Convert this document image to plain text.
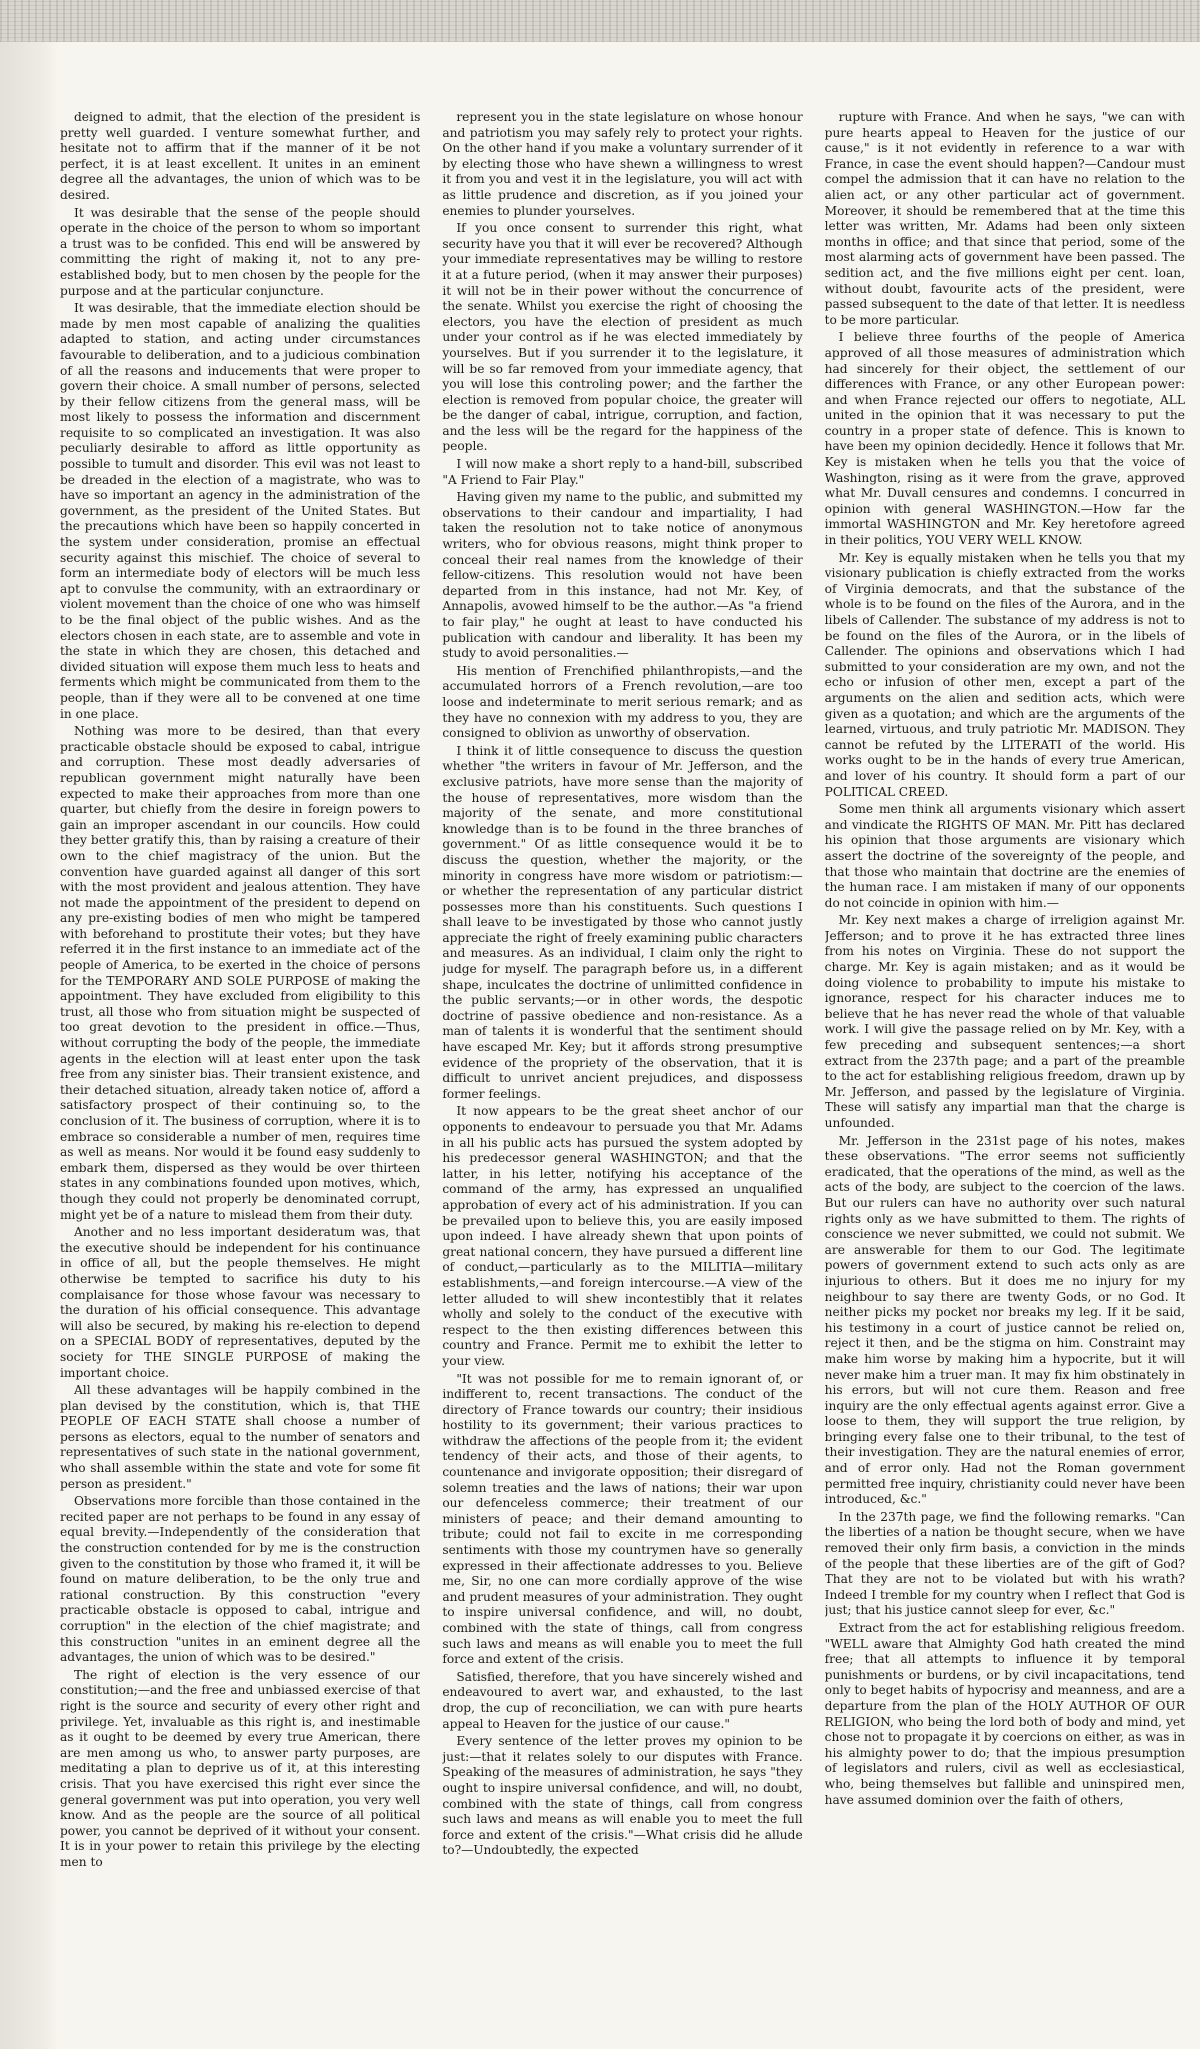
deigned to admit, that the election of the president is pretty well guarded. I venture somewhat further, and hesitate not to affirm that if the manner of it be not perfect, it is at least excellent. It unites in an eminent degree all the advantages, the union of which was to be desired.

It was desirable that the sense of the people should operate in the choice of the person to whom so important a trust was to be confided. This end will be answered by committing the right of making it, not to any pre-established body, but to men chosen by the people for the purpose and at the particular conjuncture.

It was desirable, that the immediate election should be made by men most capable of analizing the qualities adapted to station, and acting under circumstances favourable to deliberation, and to a judicious combination of all the reasons and inducements that were proper to govern their choice. A small number of persons, selected by their fellow citizens from the general mass, will be most likely to possess the information and discernment requisite to so complicated an investigation. It was also peculiarly desirable to afford as little opportunity as possible to tumult and disorder. This evil was not least to be dreaded in the election of a magistrate, who was to have so important an agency in the administration of the government, as the president of the United States. But the precautions which have been so happily concerted in the system under consideration, promise an effectual security against this mischief. The choice of several to form an intermediate body of electors will be much less apt to convulse the community, with an extraordinary or violent movement than the choice of one who was himself to be the final object of the public wishes. And as the electors chosen in each state, are to assemble and vote in the state in which they are chosen, this detached and divided situation will expose them much less to heats and ferments which might be communicated from them to the people, than if they were all to be convened at one time in one place.

Nothing was more to be desired, than that every practicable obstacle should be exposed to cabal, intrigue and corruption. These most deadly adversaries of republican government might naturally have been expected to make their approaches from more than one quarter, but chiefly from the desire in foreign powers to gain an improper ascendant in our councils. How could they better gratify this, than by raising a creature of their own to the chief magistracy of the union. But the convention have guarded against all danger of this sort with the most provident and jealous attention. They have not made the appointment of the president to depend on any pre-existing bodies of men who might be tampered with beforehand to prostitute their votes; but they have referred it in the first instance to an immediate act of the people of America, to be exerted in the choice of persons for the TEMPORARY AND SOLE PURPOSE of making the appointment. They have excluded from eligibility to this trust, all those who from situation might be suspected of too great devotion to the president in office.—Thus, without corrupting the body of the people, the immediate agents in the election will at least enter upon the task free from any sinister bias. Their transient existence, and their detached situation, already taken notice of, afford a satisfactory prospect of their continuing so, to the conclusion of it. The business of corruption, where it is to embrace so considerable a number of men, requires time as well as means. Nor would it be found easy suddenly to embark them, dispersed as they would be over thirteen states in any combinations founded upon motives, which, though they could not properly be denominated corrupt, might yet be of a nature to mislead them from their duty.

Another and no less important desideratum was, that the executive should be independent for his continuance in office of all, but the people themselves. He might otherwise be tempted to sacrifice his duty to his complaisance for those whose favour was necessary to the duration of his official consequence. This advantage will also be secured, by making his re-election to depend on a SPECIAL BODY of representatives, deputed by the society for THE SINGLE PURPOSE of making the important choice.

All these advantages will be happily combined in the plan devised by the constitution, which is, that THE PEOPLE OF EACH STATE shall choose a number of persons as electors, equal to the number of senators and representatives of such state in the national government, who shall assemble within the state and vote for some fit person as president."

Observations more forcible than those contained in the recited paper are not perhaps to be found in any essay of equal brevity.—Independently of the consideration that the construction contended for by me is the construction given to the constitution by those who framed it, it will be found on mature deliberation, to be the only true and rational construction. By this construction "every practicable obstacle is opposed to cabal, intrigue and corruption" in the election of the chief magistrate; and this construction "unites in an eminent degree all the advantages, the union of which was to be desired."

The right of election is the very essence of our constitution;—and the free and unbiassed exercise of that right is the source and security of every other right and privilege. Yet, invaluable as this right is, and inestimable as it ought to be deemed by every true American, there are men among us who, to answer party purposes, are meditating a plan to deprive us of it, at this interesting crisis. That you have exercised this right ever since the general government was put into operation, you very well know. And as the people are the source of all political power, you cannot be deprived of it without your consent. It is in your power to retain this privilege by the electing men to

represent you in the state legislature on whose honour and patriotism you may safely rely to protect your rights. On the other hand if you make a voluntary surrender of it by electing those who have shewn a willingness to wrest it from you and vest it in the legislature, you will act with as little prudence and discretion, as if you joined your enemies to plunder yourselves.

If you once consent to surrender this right, what security have you that it will ever be recovered? Although your immediate representatives may be willing to restore it at a future period, (when it may answer their purposes) it will not be in their power without the concurrence of the senate. Whilst you exercise the right of choosing the electors, you have the election of president as much under your control as if he was elected immediately by yourselves. But if you surrender it to the legislature, it will be so far removed from your immediate agency, that you will lose this controling power; and the farther the election is removed from popular choice, the greater will be the danger of cabal, intrigue, corruption, and faction, and the less will be the regard for the happiness of the people.

I will now make a short reply to a hand-bill, subscribed "A Friend to Fair Play."

Having given my name to the public, and submitted my observations to their candour and impartiality, I had taken the resolution not to take notice of anonymous writers, who for obvious reasons, might think proper to conceal their real names from the knowledge of their fellow-citizens. This resolution would not have been departed from in this instance, had not Mr. Key, of Annapolis, avowed himself to be the author.—As "a friend to fair play," he ought at least to have conducted his publication with candour and liberality. It has been my study to avoid personalities.—

His mention of Frenchified philanthropists,—and the accumulated horrors of a French revolution,—are too loose and indeterminate to merit serious remark; and as they have no connexion with my address to you, they are consigned to oblivion as unworthy of observation.

I think it of little consequence to discuss the question whether "the writers in favour of Mr. Jefferson, and the exclusive patriots, have more sense than the majority of the house of representatives, more wisdom than the majority of the senate, and more constitutional knowledge than is to be found in the three branches of government." Of as little consequence would it be to discuss the question, whether the majority, or the minority in congress have more wisdom or patriotism:—or whether the representation of any particular district possesses more than his constituents. Such questions I shall leave to be investigated by those who cannot justly appreciate the right of freely examining public characters and measures. As an individual, I claim only the right to judge for myself. The paragraph before us, in a different shape, inculcates the doctrine of unlimitted confidence in the public servants;—or in other words, the despotic doctrine of passive obedience and non-resistance. As a man of talents it is wonderful that the sentiment should have escaped Mr. Key; but it affords strong presumptive evidence of the propriety of the observation, that it is difficult to unrivet ancient prejudices, and dispossess former feelings.

It now appears to be the great sheet anchor of our opponents to endeavour to persuade you that Mr. Adams in all his public acts has pursued the system adopted by his predecessor general WASHINGTON; and that the latter, in his letter, notifying his acceptance of the command of the army, has expressed an unqualified approbation of every act of his administration. If you can be prevailed upon to believe this, you are easily imposed upon indeed. I have already shewn that upon points of great national concern, they have pursued a different line of conduct,—particularly as to the MILITIA—military establishments,—and foreign intercourse.—A view of the letter alluded to will shew incontestibly that it relates wholly and solely to the conduct of the executive with respect to the then existing differences between this country and France. Permit me to exhibit the letter to your view.

"It was not possible for me to remain ignorant of, or indifferent to, recent transactions. The conduct of the directory of France towards our country; their insidious hostility to its government; their various practices to withdraw the affections of the people from it; the evident tendency of their acts, and those of their agents, to countenance and invigorate opposition; their disregard of solemn treaties and the laws of nations; their war upon our defenceless commerce; their treatment of our ministers of peace; and their demand amounting to tribute; could not fail to excite in me corresponding sentiments with those my countrymen have so generally expressed in their affectionate addresses to you. Believe me, Sir, no one can more cordially approve of the wise and prudent measures of your administration. They ought to inspire universal confidence, and will, no doubt, combined with the state of things, call from congress such laws and means as will enable you to meet the full force and extent of the crisis.

Satisfied, therefore, that you have sincerely wished and endeavoured to avert war, and exhausted, to the last drop, the cup of reconciliation, we can with pure hearts appeal to Heaven for the justice of our cause."

Every sentence of the letter proves my opinion to be just:—that it relates solely to our disputes with France. Speaking of the measures of administration, he says "they ought to inspire universal confidence, and will, no doubt, combined with the state of things, call from congress such laws and means as will enable you to meet the full force and extent of the crisis."—What crisis did he allude to?—Undoubtedly, the expected

rupture with France. And when he says, "we can with pure hearts appeal to Heaven for the justice of our cause," is it not evidently in reference to a war with France, in case the event should happen?—Candour must compel the admission that it can have no relation to the alien act, or any other particular act of government. Moreover, it should be remembered that at the time this letter was written, Mr. Adams had been only sixteen months in office; and that since that period, some of the most alarming acts of government have been passed. The sedition act, and the five millions eight per cent. loan, without doubt, favourite acts of the president, were passed subsequent to the date of that letter. It is needless to be more particular.

I believe three fourths of the people of America approved of all those measures of administration which had sincerely for their object, the settlement of our differences with France, or any other European power: and when France rejected our offers to negotiate, ALL united in the opinion that it was necessary to put the country in a proper state of defence. This is known to have been my opinion decidedly. Hence it follows that Mr. Key is mistaken when he tells you that the voice of Washington, rising as it were from the grave, approved what Mr. Duvall censures and condemns. I concurred in opinion with general WASHINGTON.—How far the immortal WASHINGTON and Mr. Key heretofore agreed in their politics, YOU VERY WELL KNOW.

Mr. Key is equally mistaken when he tells you that my visionary publication is chiefly extracted from the works of Virginia democrats, and that the substance of the whole is to be found on the files of the Aurora, and in the libels of Callender. The substance of my address is not to be found on the files of the Aurora, or in the libels of Callender. The opinions and observations which I had submitted to your consideration are my own, and not the echo or infusion of other men, except a part of the arguments on the alien and sedition acts, which were given as a quotation; and which are the arguments of the learned, virtuous, and truly patriotic Mr. MADISON. They cannot be refuted by the LITERATI of the world. His works ought to be in the hands of every true American, and lover of his country. It should form a part of our POLITICAL CREED.

Some men think all arguments visionary which assert and vindicate the RIGHTS OF MAN. Mr. Pitt has declared his opinion that those arguments are visionary which assert the doctrine of the sovereignty of the people, and that those who maintain that doctrine are the enemies of the human race. I am mistaken if many of our opponents do not coincide in opinion with him.—

Mr. Key next makes a charge of irreligion against Mr. Jefferson; and to prove it he has extracted three lines from his notes on Virginia. These do not support the charge. Mr. Key is again mistaken; and as it would be doing violence to probability to impute his mistake to ignorance, respect for his character induces me to believe that he has never read the whole of that valuable work. I will give the passage relied on by Mr. Key, with a few preceding and subsequent sentences;—a short extract from the 237th page; and a part of the preamble to the act for establishing religious freedom, drawn up by Mr. Jefferson, and passed by the legislature of Virginia. These will satisfy any impartial man that the charge is unfounded.

Mr. Jefferson in the 231st page of his notes, makes these observations. "The error seems not sufficiently eradicated, that the operations of the mind, as well as the acts of the body, are subject to the coercion of the laws. But our rulers can have no authority over such natural rights only as we have submitted to them. The rights of conscience we never submitted, we could not submit. We are answerable for them to our God. The legitimate powers of government extend to such acts only as are injurious to others. But it does me no injury for my neighbour to say there are twenty Gods, or no God. It neither picks my pocket nor breaks my leg. If it be said, his testimony in a court of justice cannot be relied on, reject it then, and be the stigma on him. Constraint may make him worse by making him a hypocrite, but it will never make him a truer man. It may fix him obstinately in his errors, but will not cure them. Reason and free inquiry are the only effectual agents against error. Give a loose to them, they will support the true religion, by bringing every false one to their tribunal, to the test of their investigation. They are the natural enemies of error, and of error only. Had not the Roman government permitted free inquiry, christianity could never have been introduced, &c."

In the 237th page, we find the following remarks. "Can the liberties of a nation be thought secure, when we have removed their only firm basis, a conviction in the minds of the people that these liberties are of the gift of God? That they are not to be violated but with his wrath? Indeed I tremble for my country when I reflect that God is just; that his justice cannot sleep for ever, &c."

Extract from the act for establishing religious freedom. "WELL aware that Almighty God hath created the mind free; that all attempts to influence it by temporal punishments or burdens, or by civil incapacitations, tend only to beget habits of hypocrisy and meanness, and are a departure from the plan of the HOLY AUTHOR OF OUR RELIGION, who being the lord both of body and mind, yet chose not to propagate it by coercions on either, as was in his almighty power to do; that the impious presumption of legislators and rulers, civil as well as ecclesiastical, who, being themselves but fallible and uninspired men, have assumed dominion over the faith of others,
